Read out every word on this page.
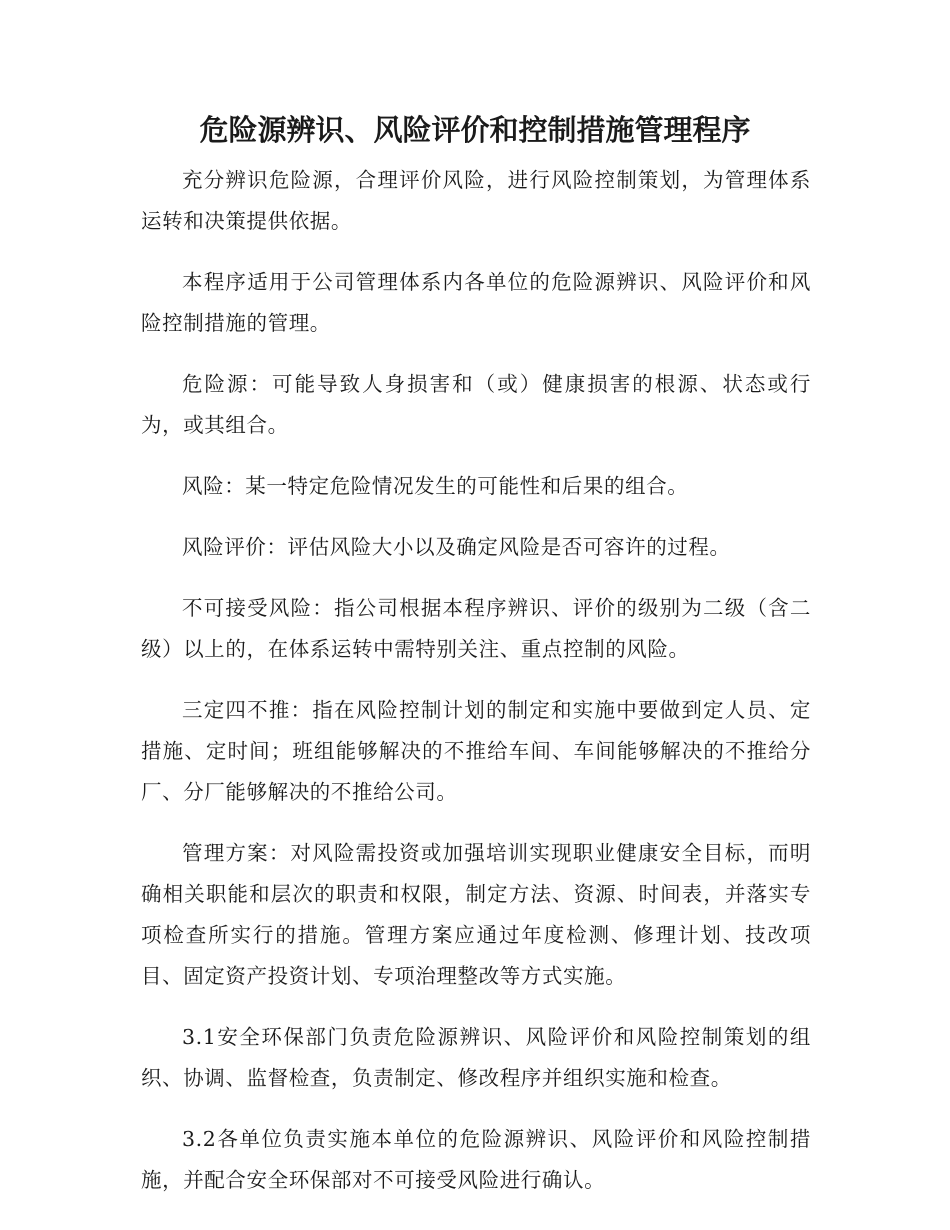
危险源辨识、风险评价和控制措施管理程序

充分辨识危险源，合理评价风险，进行风险控制策划，为管理体系运转和决策提供依据。

本程序适用于公司管理体系内各单位的危险源辨识、风险评价和风险控制措施的管理。

危险源：可能导致人身损害和（或）健康损害的根源、状态或行为，或其组合。

风险：某一特定危险情况发生的可能性和后果的组合。

风险评价：评估风险大小以及确定风险是否可容许的过程。

不可接受风险：指公司根据本程序辨识、评价的级别为二级（含二级）以上的，在体系运转中需特别关注、重点控制的风险。

三定四不推：指在风险控制计划的制定和实施中要做到定人员、定措施、定时间；班组能够解决的不推给车间、车间能够解决的不推给分厂、分厂能够解决的不推给公司。

管理方案：对风险需投资或加强培训实现职业健康安全目标，而明确相关职能和层次的职责和权限，制定方法、资源、时间表，并落实专项检查所实行的措施。管理方案应通过年度检测、修理计划、技改项目、固定资产投资计划、专项治理整改等方式实施。

3.1安全环保部门负责危险源辨识、风险评价和风险控制策划的组织、协调、监督检查，负责制定、修改程序并组织实施和检查。

3.2各单位负责实施本单位的危险源辨识、风险评价和风险控制措施，并配合安全环保部对不可接受风险进行确认。
